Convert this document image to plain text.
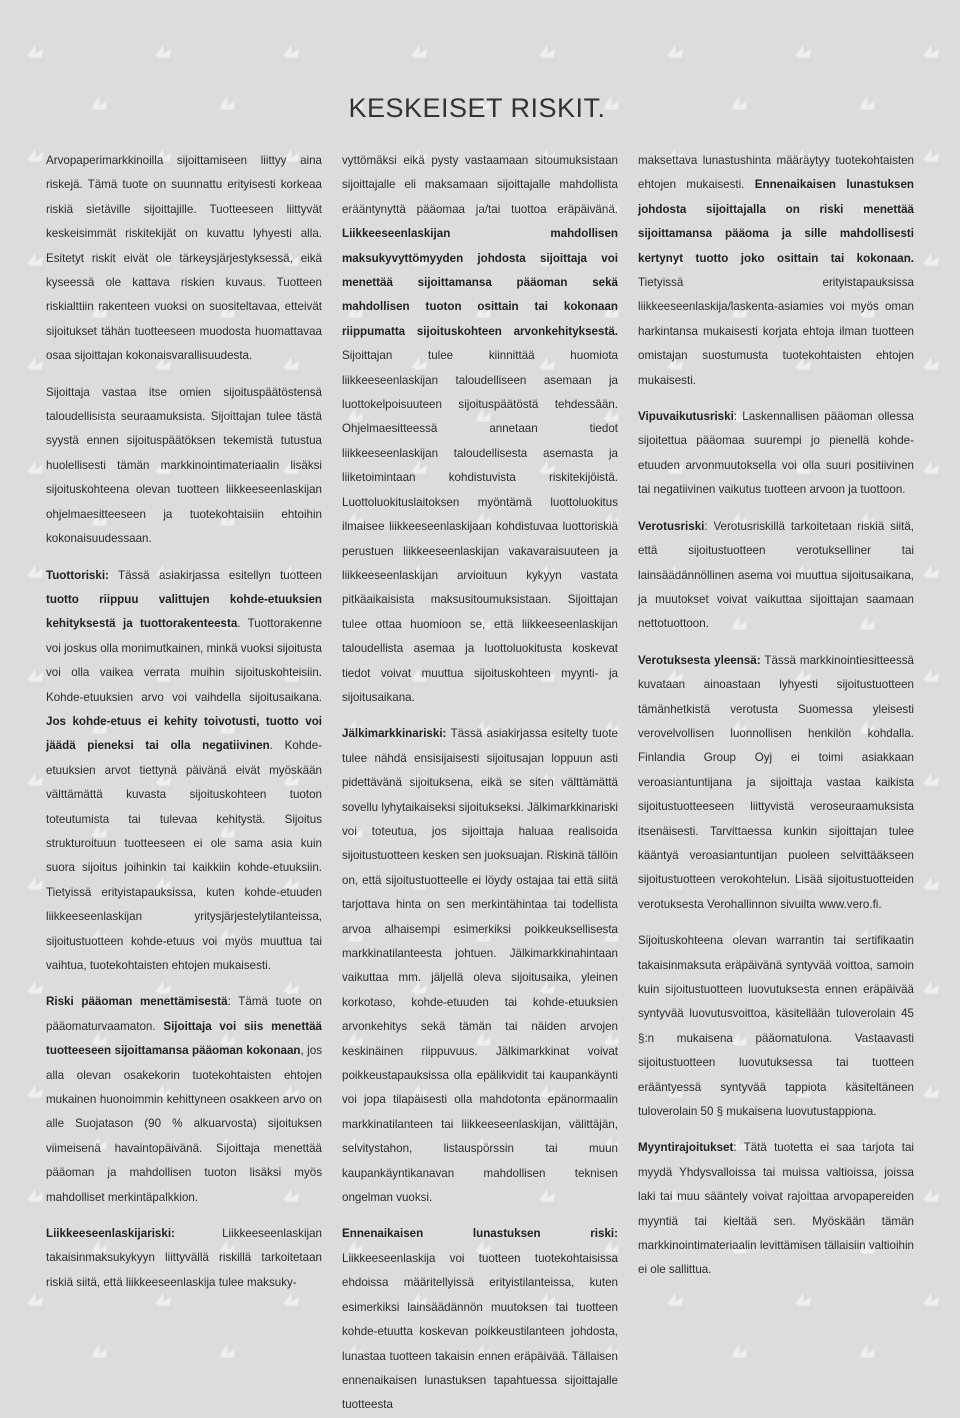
KESKEISET RISKIT.

Arvopaperimarkkinoilla sijoittamiseen liittyy aina riskejä. Tämä tuote on suunnattu erityisesti korkeaa riskiä sietäville sijoittajille. Tuotteeseen liittyvät keskeisimmät riskitekijät on kuvattu lyhyesti alla. Esitetyt riskit eivät ole tärkeysjärjestyksessä, eikä kyseessä ole kattava riskien kuvaus. Tuotteen riskialttiin rakenteen vuoksi on suositeltavaa, etteivät sijoitukset tähän tuotteeseen muodosta huomattavaa osaa sijoittajan kokonaisvarallisuudesta.

Sijoittaja vastaa itse omien sijoituspäätöstensä taloudellisista seuraamuksista. Sijoittajan tulee tästä syystä ennen sijoituspäätöksen tekemistä tutustua huolellisesti tämän markkinointimateriaalin lisäksi sijoituskohteena olevan tuotteen liikkeeseenlaskijan ohjelmaesitteeseen ja tuotekohtaisiin ehtoihin kokonaisuudessaan.

Tuottoriski: Tässä asiakirjassa esitellyn tuotteen tuotto riippuu valittujen kohde-etuuksien kehityksestä ja tuottorakenteesta. Tuottorakenne voi joskus olla monimutkainen, minkä vuoksi sijoitusta voi olla vaikea verrata muihin sijoituskohteisiin. Kohde-etuuksien arvo voi vaihdella sijoitusaikana. Jos kohde-etuus ei kehity toivotusti, tuotto voi jäädä pieneksi tai olla negatiivinen. Kohde-etuuksien arvot tiettynä päivänä eivät myöskään välttämättä kuvasta sijoituskohteen tuoton toteutumista tai tulevaa kehitystä. Sijoitus strukturoituun tuotteeseen ei ole sama asia kuin suora sijoitus joihinkin tai kaikkiin kohde-etuuksiin. Tietyissä erityistapauksissa, kuten kohde-etuuden liikkeeseenlaskijan yritysjärjestelytilanteissa, sijoitustuotteen kohde-etuus voi myös muuttua tai vaihtua, tuotekohtaisten ehtojen mukaisesti.

Riski pääoman menettämisestä: Tämä tuote on pääomaturvaamaton. Sijoittaja voi siis menettää tuotteeseen sijoittamansa pääoman kokonaan, jos alla olevan osakekorin tuotekohtaisten ehtojen mukainen huonoimmin kehittyneen osakkeen arvo on alle Suojatason (90 % alkuarvosta) sijoituksen viimeisenä havaintopäivänä. Sijoittaja menettää pääoman ja mahdollisen tuoton lisäksi myös mahdolliset merkintäpalkkion.

Liikkeeseenlaskijariski: Liikkeeseenlaskijan takaisinmaksukykyyn liittyvällä riskillä tarkoitetaan riskiä siitä, että liikkeeseenlaskija tulee maksuky-

vyttömäksi eikä pysty vastaamaan sitoumuksistaan sijoittajalle eli maksamaan sijoittajalle mahdollista erääntynyttä pääomaa ja/tai tuottoa eräpäivänä. Liikkeeseenlaskijan mahdollisen maksukyvyttömyyden johdosta sijoittaja voi menettää sijoittamansa pääoman sekä mahdollisen tuoton osittain tai kokonaan riippumatta sijoituskohteen arvonkehityksestä. Sijoittajan tulee kiinnittää huomiota liikkeeseenlaskijan taloudelliseen asemaan ja luottokelpoisuuteen sijoituspäätöstä tehdessään. Ohjelmaesitteessä annetaan tiedot liikkeeseenlaskijan taloudellisesta asemasta ja liiketoimintaan kohdistuvista riskitekijöistä. Luottoluokituslaitoksen myöntämä luottoluokitus ilmaisee liikkeeseenlaskijaan kohdistuvaa luottoriskiä perustuen liikkeeseenlaskijan vakavaraisuuteen ja liikkeeseenlaskijan arvioituun kykyyn vastata pitkäaikaisista maksusitoumuksistaan. Sijoittajan tulee ottaa huomioon se, että liikkeeseenlaskijan taloudellista asemaa ja luottoluokitusta koskevat tiedot voivat muuttua sijoituskohteen myynti- ja sijoitusaikana.

Jälkimarkkinariski: Tässä asiakirjassa esitelty tuote tulee nähdä ensisijaisesti sijoitusajan loppuun asti pidettävänä sijoituksena, eikä se siten välttämättä sovellu lyhytaikaiseksi sijoitukseksi. Jälkimarkkinariski voi toteutua, jos sijoittaja haluaa realisoida sijoitustuotteen kesken sen juoksuajan. Riskinä tällöin on, että sijoitustuotteelle ei löydy ostajaa tai että siitä tarjottava hinta on sen merkintähintaa tai todellista arvoa alhaisempi esimerkiksi poikkeuksellisesta markkinatilanteesta johtuen. Jälkimarkkinahintaan vaikuttaa mm. jäljellä oleva sijoitusaika, yleinen korkotaso, kohde-etuuden tai kohde-etuuksien arvonkehitys sekä tämän tai näiden arvojen keskinäinen riippuvuus. Jälkimarkkinat voivat poikkeustapauksissa olla epälikvidit tai kaupankäynti voi jopa tilapäisesti olla mahdotonta epänormaalin markkinatilanteen tai liikkeeseenlaskijan, välittäjän, selvitystahon, listauspörssin tai muun kaupankäyntikanavan mahdollisen teknisen ongelman vuoksi.

Ennenaikaisen lunastuksen riski: Liikkeeseenlaskija voi tuotteen tuotekohtaisissa ehdoissa määritellyissä erityistilanteissa, kuten esimerkiksi lainsäädännön muutoksen tai tuotteen kohde-etuutta koskevan poikkeustilanteen johdosta, lunastaa tuotteen takaisin ennen eräpäivää. Tällaisen ennenaikaisen lunastuksen tapahtuessa sijoittajalle tuotteesta

maksettava lunastushinta määräytyy tuotekohtaisten ehtojen mukaisesti. Ennenaikaisen lunastuksen johdosta sijoittajalla on riski menettää sijoittamansa pääoma ja sille mahdollisesti kertynyt tuotto joko osittain tai kokonaan. Tietyissä erityistapauksissa liikkeeseenlaskija/laskenta-asiamies voi myös oman harkintansa mukaisesti korjata ehtoja ilman tuotteen omistajan suostumusta tuotekohtaisten ehtojen mukaisesti.

Vipuvaikutusriski: Laskennallisen pääoman ollessa sijoitettua pääomaa suurempi jo pienellä kohde-etuuden arvonmuutoksella voi olla suuri positiivinen tai negatiivinen vaikutus tuotteen arvoon ja tuottoon.

Verotusriski: Verotusriskillä tarkoitetaan riskiä siitä, että sijoitustuotteen verotukselliner tai lainsäädännöllinen asema voi muuttua sijoitusaikana, ja muutokset voivat vaikuttaa sijoittajan saamaan nettotuottoon.

Verotuksesta yleensä: Tässä markkinointiesitteessä kuvataan ainoastaan lyhyesti sijoitustuotteen tämänhetkistä verotusta Suomessa yleisesti verovelvollisen luonnollisen henkilön kohdalla. Finlandia Group Oyj ei toimi asiakkaan veroasiantuntijana ja sijoittaja vastaa kaikista sijoitustuotteeseen liittyvistä veroseuraamuksista itsenäisesti. Tarvittaessa kunkin sijoittajan tulee kääntyä veroasiantuntijan puoleen selvittääkseen sijoitustuotteen verokohtelun. Lisää sijoitustuotteiden verotuksesta Verohallinnon sivuilta www.vero.fi.

Sijoituskohteena olevan warrantin tai sertifikaatin takaisinmaksuta eräpäivänä syntyvää voittoa, samoin kuin sijoitustuotteen luovutuksesta ennen eräpäivää syntyvää luovutusvoittoa, käsitellään tuloverolain 45 §:n mukaisena pääomatulona. Vastaavasti sijoitustuotteen luovutuksessa tai tuotteen erääntyessä syntyvää tappiota käsiteltäneen tuloverolain 50 § mukaisena luovutustappiona.

Myyntirajoitukset: Tätä tuotetta ei saa tarjota tai myydä Yhdysvalloissa tai muissa valtioissa, joissa laki tai muu sääntely voivat rajoittaa arvopapereiden myyntiä tai kieltää sen. Myöskään tämän markkinointimateriaalin levittämisen tällaisiin valtioihin ei ole sallittua.
